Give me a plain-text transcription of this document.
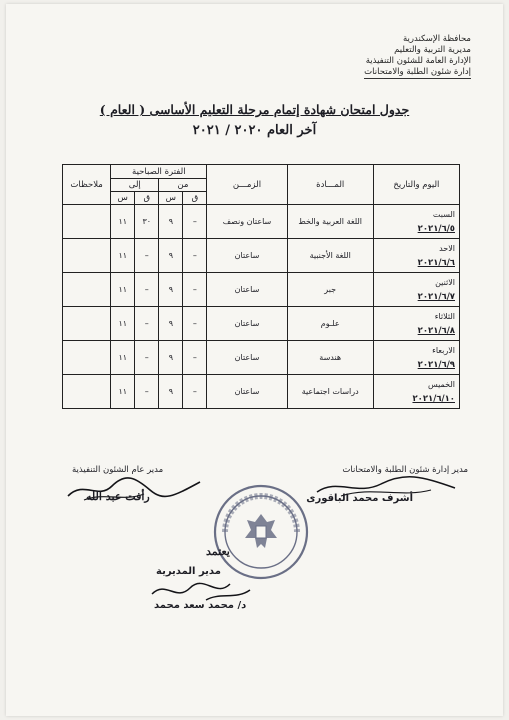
محافظة الإسكندرية
مديرية التربية والتعليم
الإدارة العامة للشئون التنفيذية
إدارة شئون الطلبة والامتحانات
جدول امتحان شهادة إتمام مرحلة التعليم الأساسى ( العام )
آخر العام ٢٠٢٠ / ٢٠٢١
اليوم والتاريخ	المـــادة	الزمـــن	الفترة الصباحية				ملاحظات
			من		إلى		
			ق	س	ق	س	

السبت
٢٠٢١/٦/٥	اللغة العربية والخط	ساعتان ونصف	–	٩	٣٠	١١	

الاحد
٢٠٢١/٦/٦	اللغة الأجنبية	ساعتان	–	٩	–	١١	

الاثنين
٢٠٢١/٦/٧	جبر	ساعتان	–	٩	–	١١	

الثلاثاء
٢٠٢١/٦/٨	علـوم	ساعتان	–	٩	–	١١	

الاربعاء
٢٠٢١/٦/٩	هندسة	ساعتان	–	٩	–	١١	

الخميس
٢٠٢١/٦/١٠	دراسات اجتماعية	ساعتان	–	٩	–	١١	
مدير عام الشئون التنفيذية
رأفت عبد الله
مدير إدارة شئون الطلبة والامتحانات
أشرف محمد الباقورى
يعتمد
مدير المديرية
د/ محمد سعد محمد
